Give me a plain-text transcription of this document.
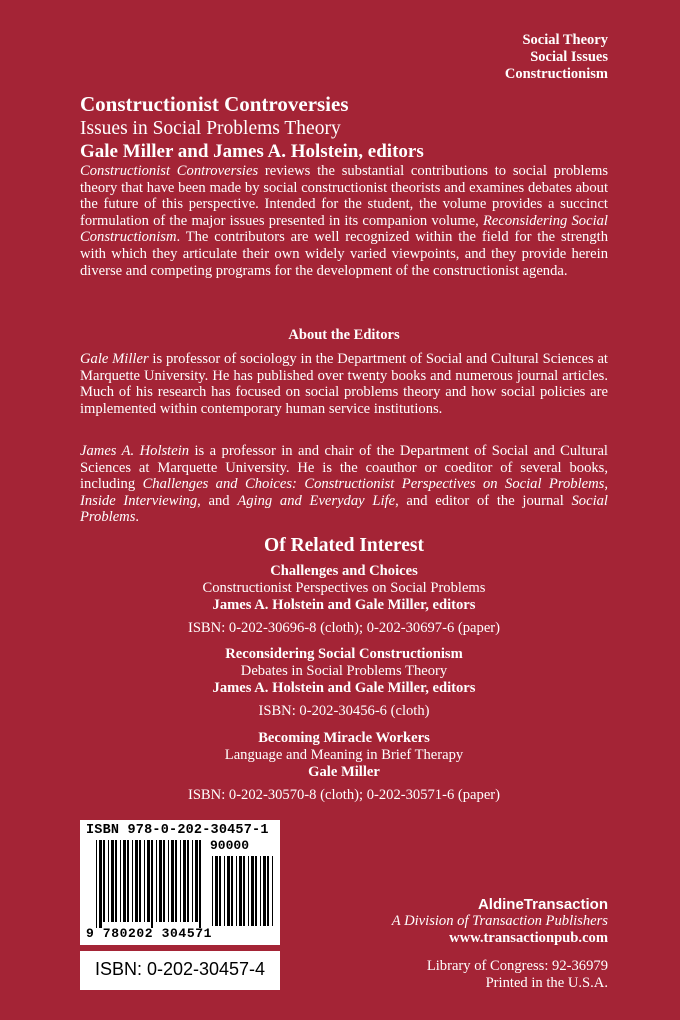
Social Theory
Social Issues
Constructionism
Constructionist Controversies
Issues in Social Problems Theory
Gale Miller and James A. Holstein, editors
Constructionist Controversies reviews the substantial contributions to social problems theory that have been made by social constructionist theorists and examines debates about the future of this perspective. Intended for the student, the volume provides a succinct formulation of the major issues presented in its companion volume, Reconsidering Social Constructionism. The contributors are well recognized within the field for the strength with which they articulate their own widely varied viewpoints, and they provide herein diverse and competing programs for the development of the constructionist agenda.
About the Editors
Gale Miller is professor of sociology in the Department of Social and Cultural Sciences at Marquette University. He has published over twenty books and numerous journal articles. Much of his research has focused on social problems theory and how social policies are implemented within contemporary human service institutions.
James A. Holstein is a professor in and chair of the Department of Social and Cultural Sciences at Marquette University. He is the coauthor or coeditor of several books, including Challenges and Choices: Constructionist Perspectives on Social Problems, Inside Interviewing, and Aging and Everyday Life, and editor of the journal Social Problems.
Of Related Interest
Challenges and Choices
Constructionist Perspectives on Social Problems
James A. Holstein and Gale Miller, editors
ISBN: 0-202-30696-8 (cloth); 0-202-30697-6 (paper)
Reconsidering Social Constructionism
Debates in Social Problems Theory
James A. Holstein and Gale Miller, editors
ISBN: 0-202-30456-6 (cloth)
Becoming Miracle Workers
Language and Meaning in Brief Therapy
Gale Miller
ISBN: 0-202-30570-8 (cloth); 0-202-30571-6 (paper)
ISBN 978-0-202-30457-1
90000
9 780202 304571
ISBN: 0-202-30457-4
AldineTransaction
A Division of Transaction Publishers
www.transactionpub.com
Library of Congress: 92-36979
Printed in the U.S.A.
